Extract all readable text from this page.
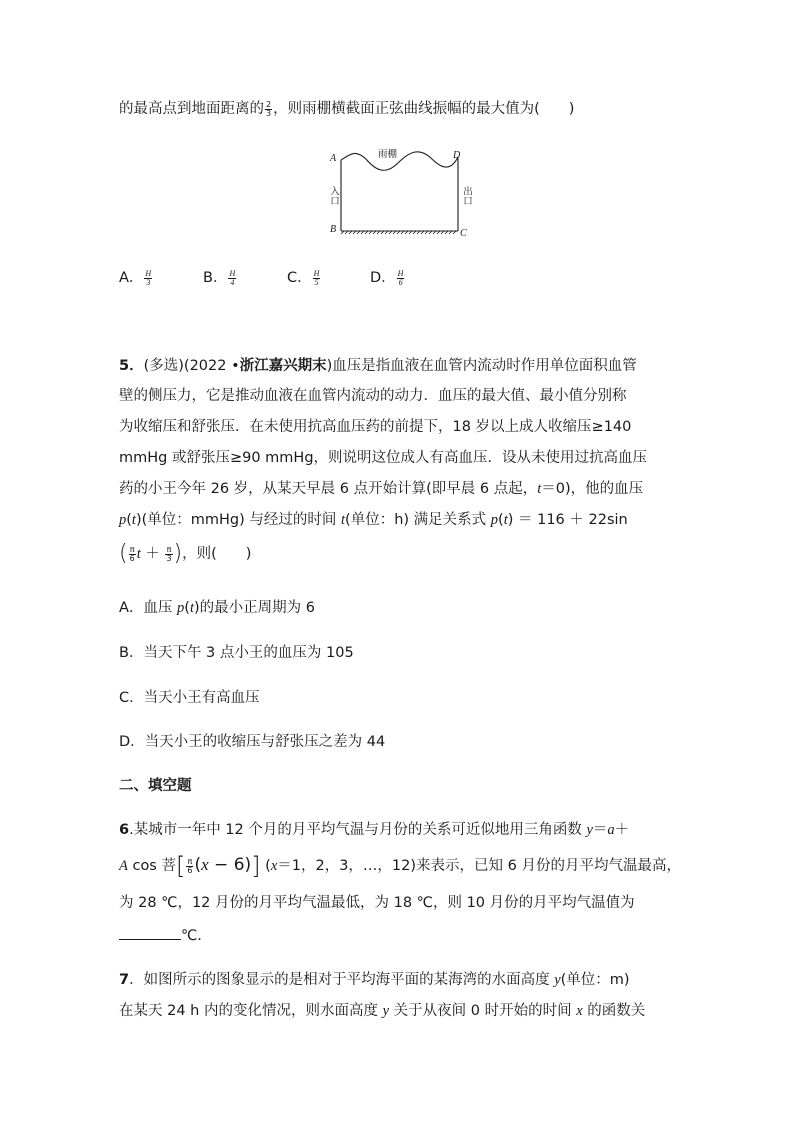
的最高点到地面距离的 $\frac{2}{3}$ ，则雨棚横截面正弦曲线振幅的最大值为(　　)
A
B	C
D
雨棚
入口	出口
A． $\frac{H}{3}$	B． $\frac{H}{4}$	C． $\frac{H}{5}$	D． $\frac{H}{6}$
5．(多选)(2022 •浙江嘉兴期末)血压是指血液在血管内流动时作用单位面积血管
壁的侧压力，它是推动血液在血管内流动的动力．血压的最大值、最小值分别称
为收缩压和舒张压．在未使用抗高血压药的前提下，18 岁以上成人收缩压≥140
mmHg 或舒张压≥90 mmHg，则说明这位成人有高血压．设从未使用过抗高血压
药的小王今年 26 岁，从某天早晨 6 点开始计算(即早晨 6 点起，t＝0)，他的血压
p(t)(单位：mmHg) 与经过的时间 t(单位：h) 满足关系式 p(t) ＝ 116 ＋ 22sin
( $\frac{\pi}{6}$ $t + \frac{\pi}{3}$ )，则(　　)
A．血压 p(t)的最小正周期为 6
B．当天下午 3 点小王的血压为 105
C．当天小王有高血压
D．当天小王的收缩压与舒张压之差为 44
二、填空题
6.某城市一年中 12 个月的月平均气温与月份的关系可近似地用三角函数 y＝a＋
A cos 菩[ $\frac{\pi}{6} (x - 6)$] (x＝1，2，3，…，12)来表示，已知 6 月份的月平均气温最高，
为 28 ℃，12 月份的月平均气温最低，为 18 ℃，则 10 月份的月平均气温值为
℃.
7．如图所示的图象显示的是相对于平均海平面的某海湾的水面高度 y(单位：m)
在某天 24 h 内的变化情况，则水面高度 y 关于从夜间 0 时开始的时间 x 的函数关
